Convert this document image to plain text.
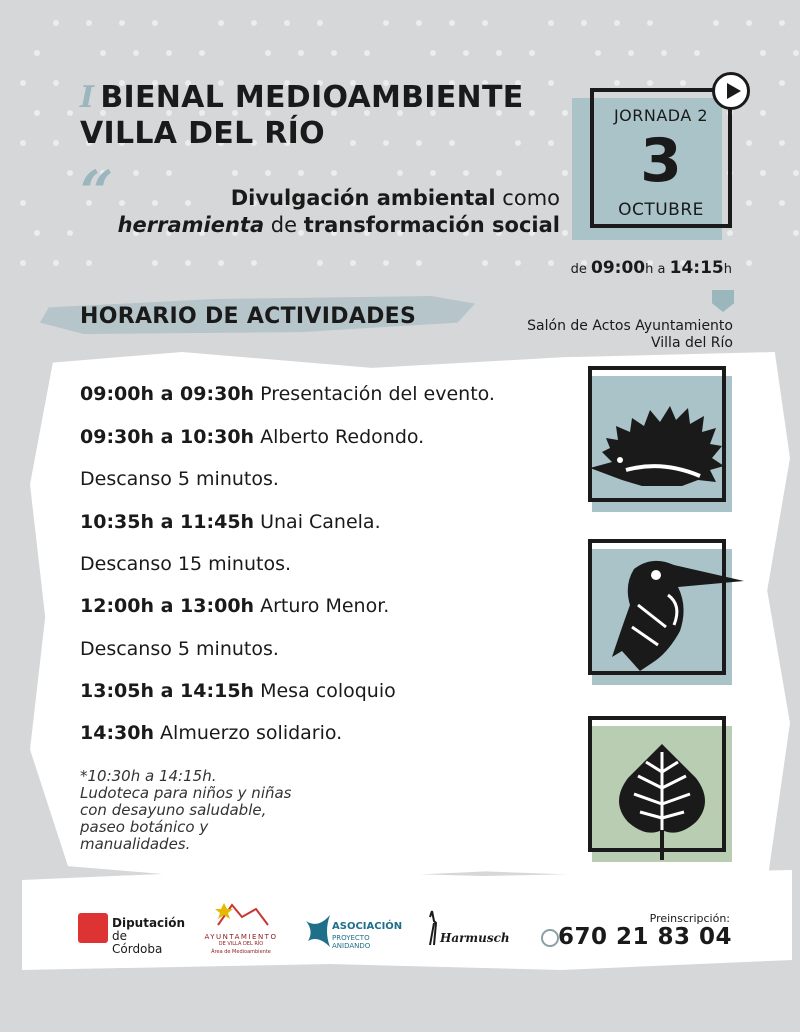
I BIENAL MEDIOAMBIENTE
VILLA DEL RÍO
“	Divulgación ambiental como
herramienta de transformación social
JORNADA 2
3
OCTUBRE
de 09:00h a 14:15h
Salón de Actos Ayuntamiento
Villa del Río
HORARIO DE ACTIVIDADES
09:00h a 09:30h Presentación del evento.
09:30h a 10:30h Alberto Redondo.
Descanso 5 minutos.
10:35h a 11:45h Unai Canela.
Descanso 15 minutos.
12:00h a 13:00h Arturo Menor.
Descanso 5 minutos.
13:05h a 14:15h Mesa coloquio
14:30h Almuerzo solidario.
*10:30h a 14:15h.
Ludoteca para niños y niñas
con desayuno saludable,
paseo botánico y
manualidades.
Diputación
de Córdoba
AYUNTAMIENTO
DE VILLA DEL RÍO
Área de Medioambiente
ASOCIACIÓN
PROYECTO ANIDANDO
Harmusch
Preinscripción:
670 21 83 04
